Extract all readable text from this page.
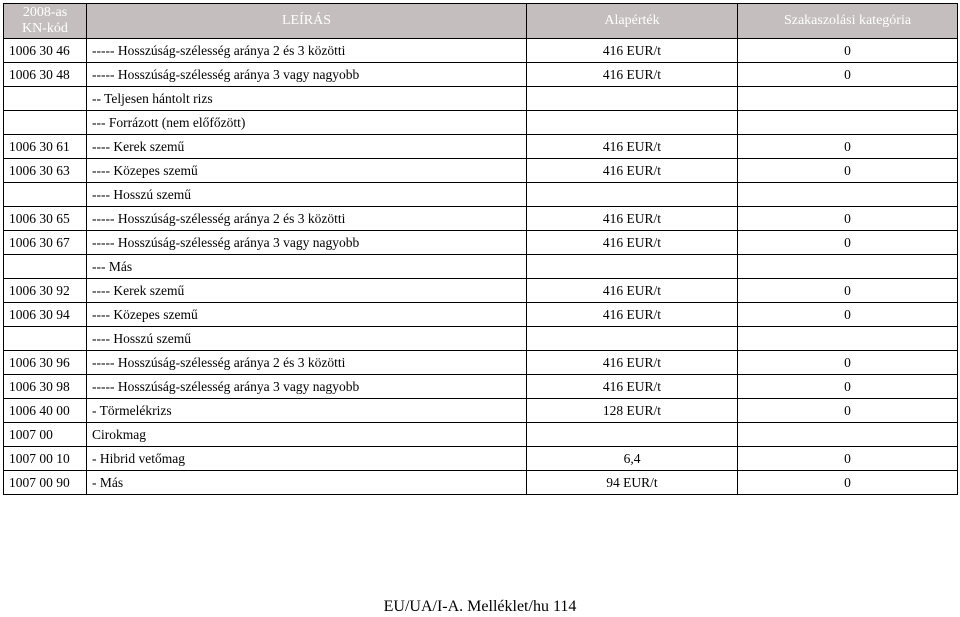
2008-as
KN-kód	LEÍRÁS	Alapérték	Szakaszolási kategória
1006 30 46	----- Hosszúság-szélesség aránya 2 és 3 közötti	416 EUR/t	0
1006 30 48	----- Hosszúság-szélesség aránya 3 vagy nagyobb	416 EUR/t	0
	-- Teljesen hántolt rizs		
	--- Forrázott (nem előfőzött)		
1006 30 61	---- Kerek szemű	416 EUR/t	0
1006 30 63	---- Közepes szemű	416 EUR/t	0
	---- Hosszú szemű		
1006 30 65	----- Hosszúság-szélesség aránya 2 és 3 közötti	416 EUR/t	0
1006 30 67	----- Hosszúság-szélesség aránya 3 vagy nagyobb	416 EUR/t	0
	--- Más		
1006 30 92	---- Kerek szemű	416 EUR/t	0
1006 30 94	---- Közepes szemű	416 EUR/t	0
	---- Hosszú szemű		
1006 30 96	----- Hosszúság-szélesség aránya 2 és 3 közötti	416 EUR/t	0
1006 30 98	----- Hosszúság-szélesség aránya 3 vagy nagyobb	416 EUR/t	0
1006 40 00	- Törmelékrizs	128 EUR/t	0
1007 00	Cirokmag		
1007 00 10	- Hibrid vetőmag	6,4	0
1007 00 90	- Más	94 EUR/t	0
EU/UA/I-A. Melléklet/hu 114
